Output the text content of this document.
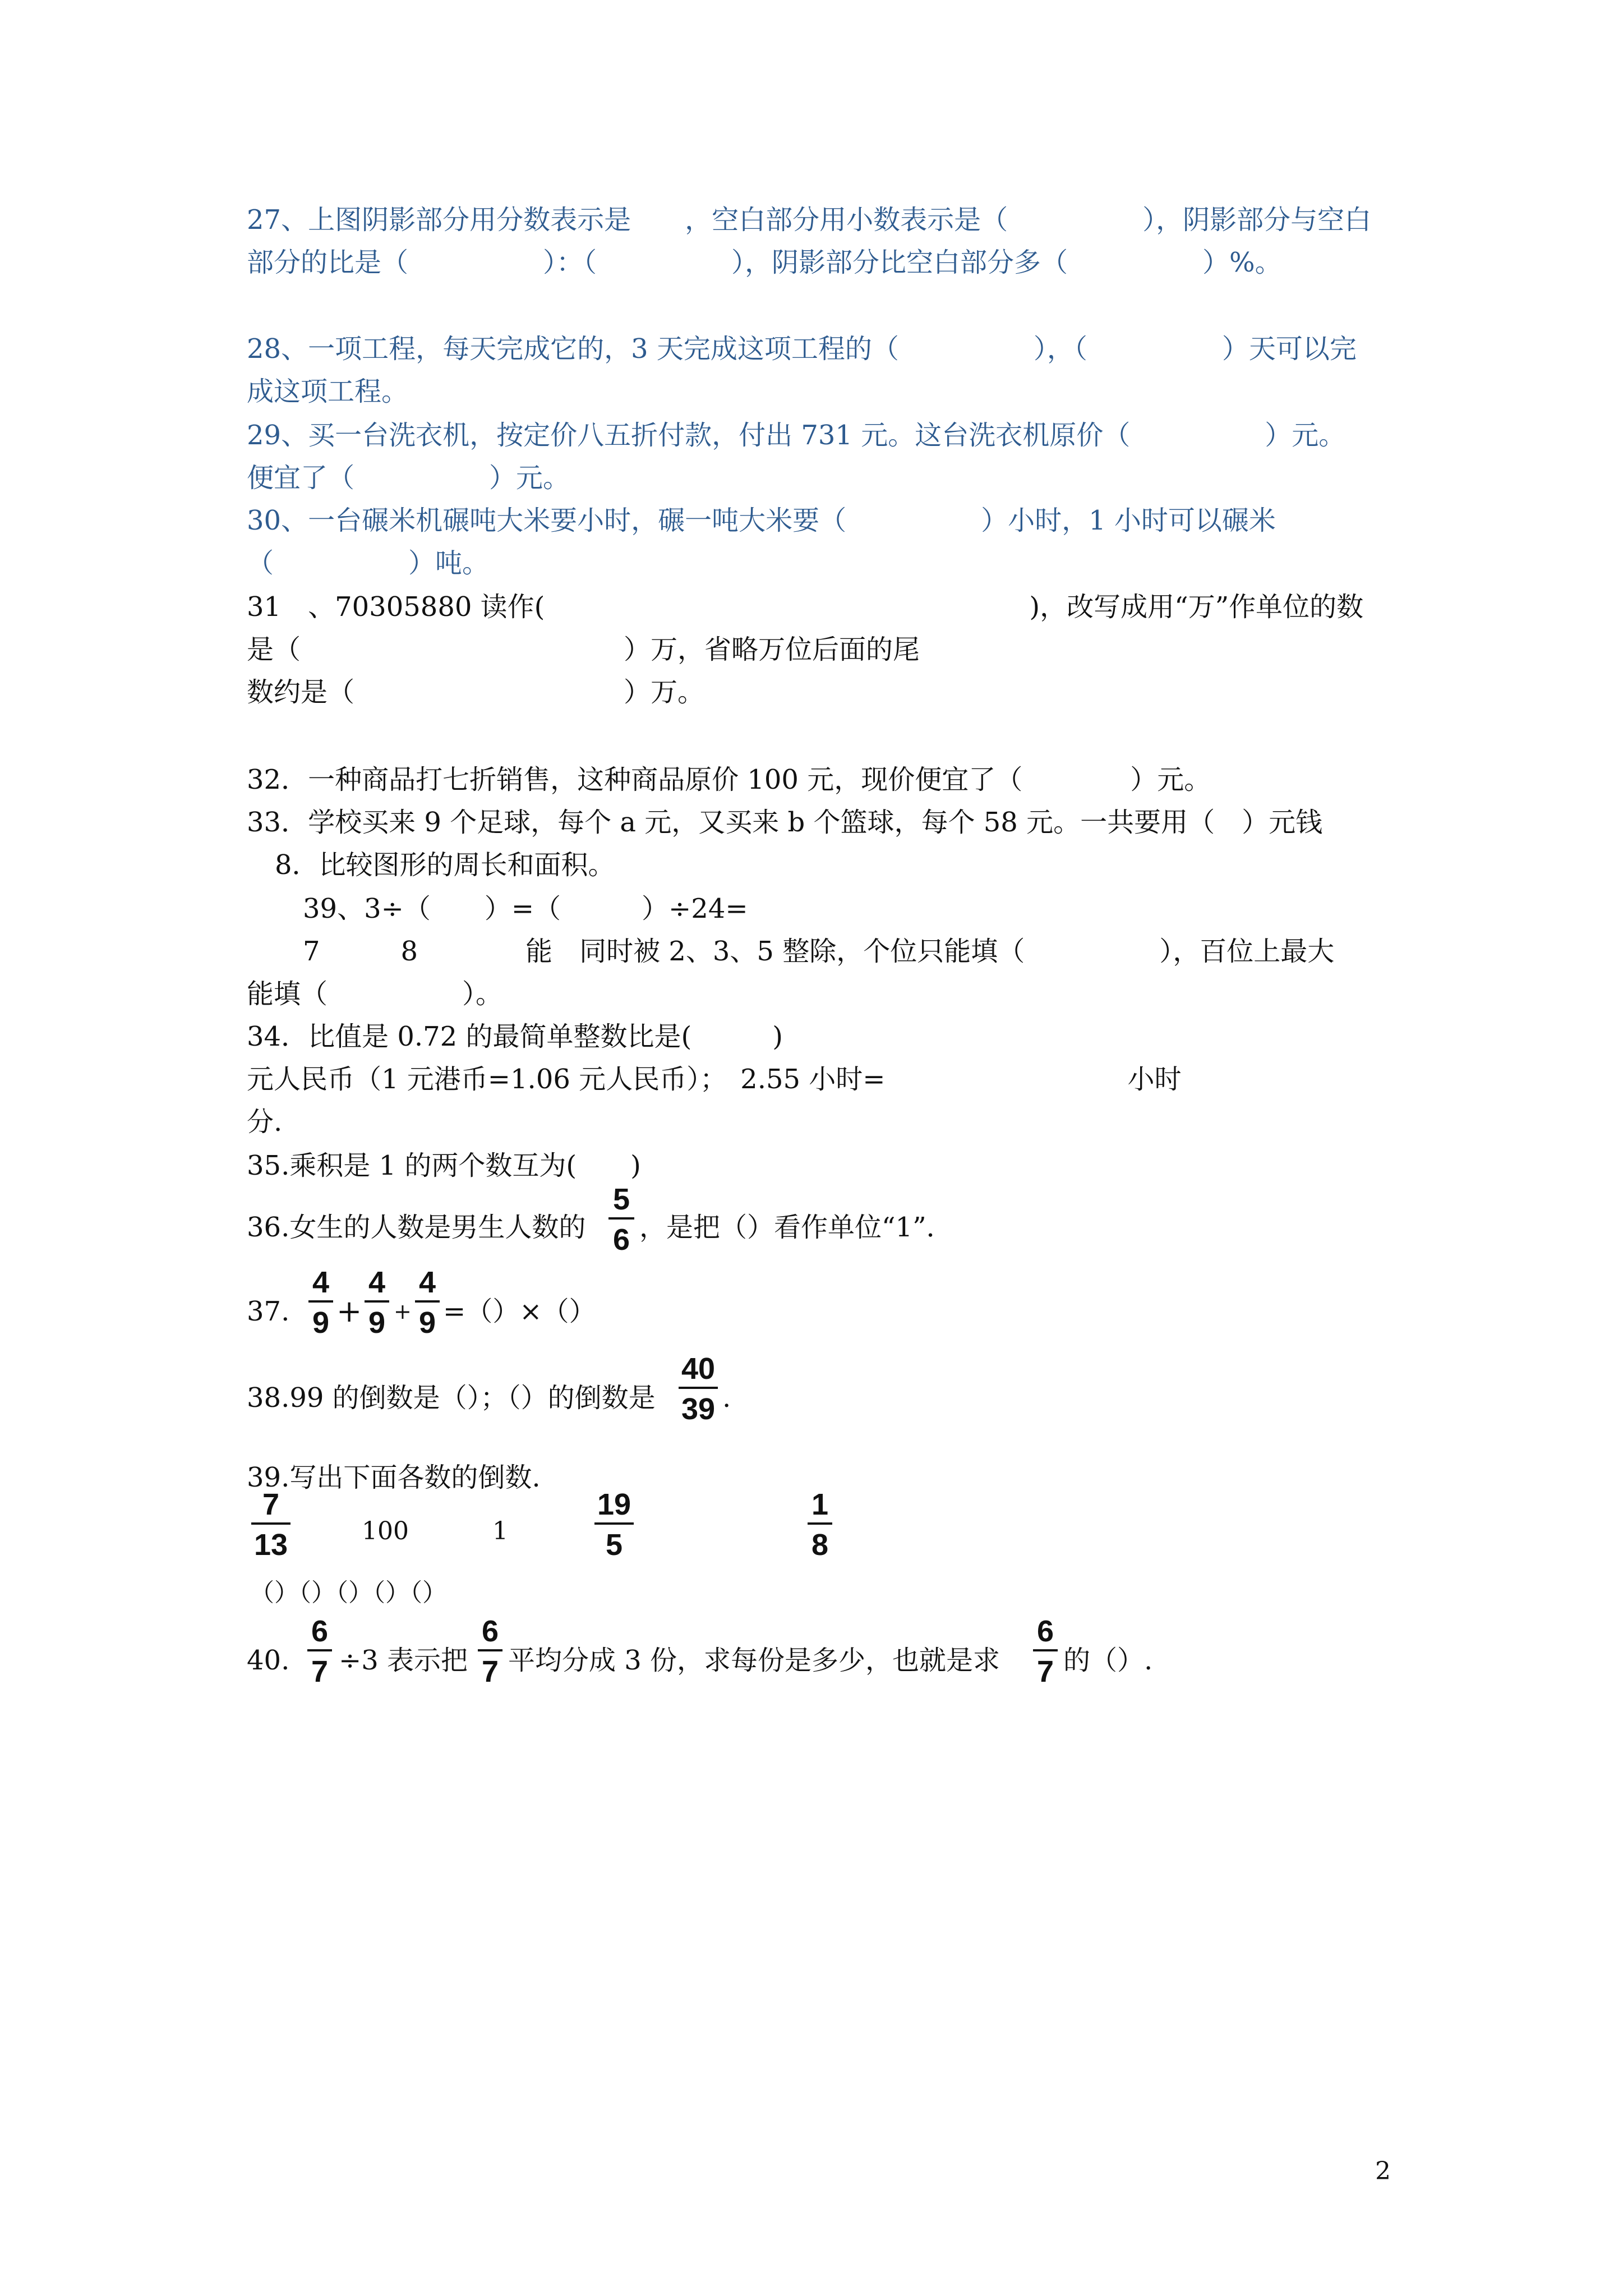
27、上图阴影部分用分数表示是　　，空白部分用小数表示是（　　　　　），阴影部分与空白
部分的比是（　　　　　）：（　　　　　），阴影部分比空白部分多（　　　　　）%。
28、一项工程，每天完成它的，3 天完成这项工程的（　　　　　），（　　　　　）天可以完
成这项工程。
29、买一台洗衣机，按定价八五折付款，付出 731 元。这台洗衣机原价（　　　　　）元。
便宜了（　　　　　）元。
30、一台碾米机碾吨大米要小时，碾一吨大米要（　　　　　）小时，1 小时可以碾米
（　　　　　）吨。
31　、70305880 读作(　　　　　　　　　　　　　　　　　　)，改写成用“万”作单位的数
是（　　　　　　　　　　　　）万，省略万位后面的尾
数约是（　　　　　　　　　　）万。
32．一种商品打七折销售，这种商品原价 100 元，现价便宜了（　　　　）元。
33．学校买来 9 个足球，每个 a 元，又买来 b 个篮球，每个 58 元。一共要用（　）元钱
8．比较图形的周长和面积。
39、3÷（　　）=（　　　）÷24=
7　　　8　　　　能　同时被 2、3、5 整除，个位只能填（　　　　　），百位上最大
能填（　　　　　）。
34．比值是 0.72 的最简单整数比是(　　　)
元人民币（1 元港币=1.06 元人民币）；　2.55 小时=　　　　　　　　　小时
分.
35.乘积是 1 的两个数互为(　　)
36.女生的人数是男生人数的
5
6 ，是把（）看作单位“1”．
37.
4
9 +
4
9 +
4
9 =（）×（）
38.99 的倒数是（）；（）的倒数是
40
39 .
39.写出下面各数的倒数.
7
13	100	1
19
5
1
8
（）（）（）（）（）
40.
6
7 ÷3 表示把
6
7 平均分成 3 份，求每份是多少，也就是求
6
7 的（）.
2
